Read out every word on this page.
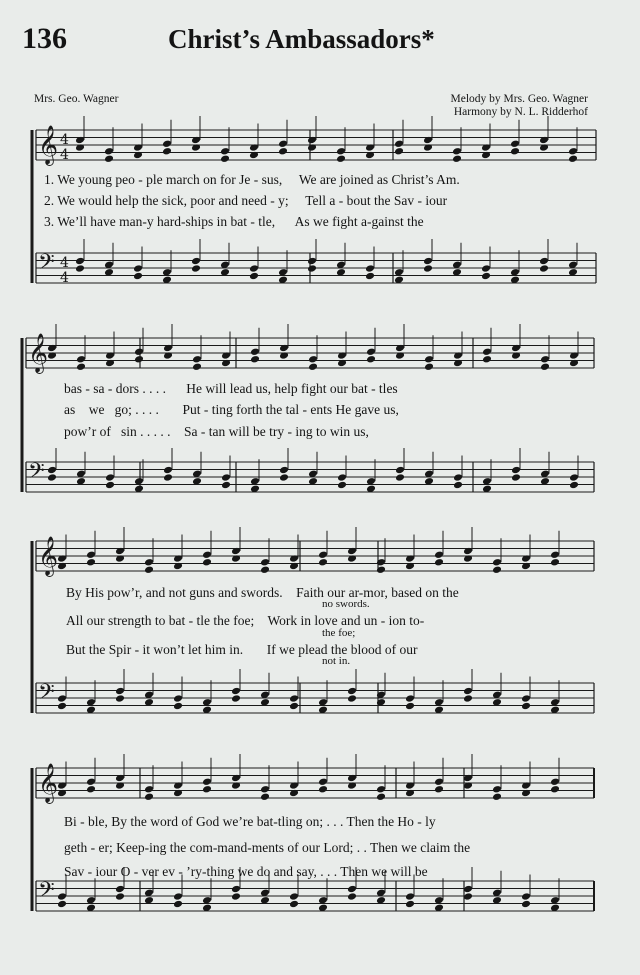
136	Christ’s Ambassadors*
Mrs. Geo. Wagner	Melody by Mrs. Geo. Wagner
Harmony by N. L. Ridderhof
𝄞 4
4
𝄢 4
4
𝄞
𝄢
𝄞
𝄢
𝄞
𝄢
1. We young peo - ple march on for Je - sus,     We are joined as Christ’s Am.
2. We would help the sick, poor and need - y;     Tell a - bout the Sav - iour
3. We’ll have man-y hard-ships in bat - tle,      As we fight a-gainst the
bas - sa - dors . . . .      He will lead us, help fight our bat - tles
as    we   go; . . . .       Put - ting forth the tal - ents He gave us,
pow’r of   sin . . . . .    Sa - tan will be try - ing to win us,
By His pow’r, and not guns and swords.    Faith our ar-mor, based on the
All our strength to bat - tle the foe;    Work in love and un - ion to-
But the Spir - it won’t let him in.       If we plead the blood of our
no swords.
the foe;
not in.
Bi - ble, By the word of God we’re bat-tling on; . . . Then the Ho - ly
geth - er; Keep-ing the com-mand-ments of our Lord; . . Then we claim the
Sav - iour O - ver ev - ’ry-thing we do and say, . . . Then we will be
